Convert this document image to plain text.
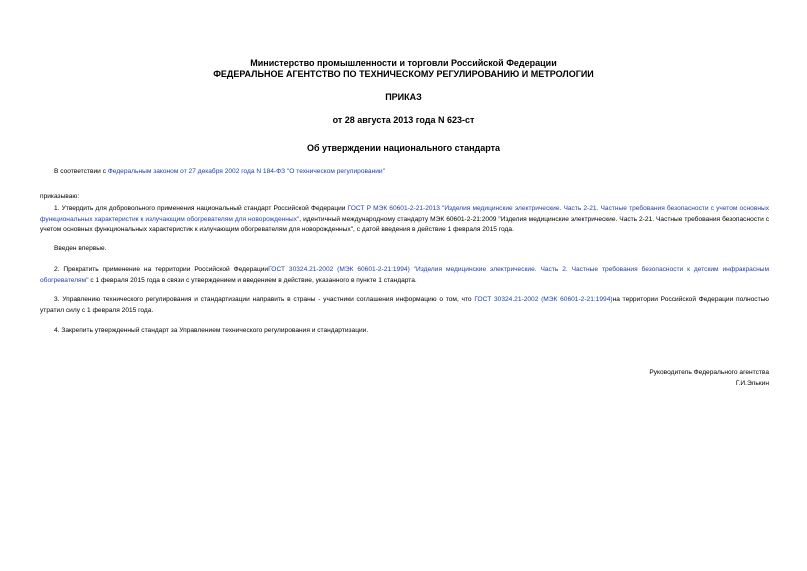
Министерство промышленности и торговли Российской Федерации
ФЕДЕРАЛЬНОЕ АГЕНТСТВО ПО ТЕХНИЧЕСКОМУ РЕГУЛИРОВАНИЮ И МЕТРОЛОГИИ
ПРИКАЗ
от 28 августа 2013 года N 623-ст
Об утверждении национального стандарта
В соответствии с Федеральным законом от 27 декабря 2002 года N 184-ФЗ "О техническом регулировании"
приказываю:
1. Утвердить для добровольного применения национальный стандарт Российской Федерации ГОСТ Р МЭК 60601-2-21-2013 "Изделия медицинские электрические. Часть 2-21. Частные требования безопасности с учетом основных функциональных характеристик к излучающим обогревателям для новорожденных", идентичный международному стандарту МЭК 60601-2-21:2009 "Изделия медицинские электрические. Часть 2-21. Частные требования безопасности с учетом основных функциональных характеристик к излучающим обогревателям для новорожденных", с датой введения в действие 1 февраля 2015 года.
Введен впервые.
2. Прекратить применение на территории Российской ФедерацииГОСТ 30324.21-2002 (МЭК 60601-2-21:1994) "Изделия медицинские электрические. Часть 2. Частные требования безопасности к детским инфракрасным обогревателям" с 1 февраля 2015 года в связи с утверждением и введением в действие, указанного в пункте 1 стандарта.
3. Управлению технического регулирования и стандартизации направить в страны - участники соглашения информацию о том, что ГОСТ 30324.21-2002 (МЭК 60601-2-21:1994)на территории Российской Федерации полностью утратил силу с 1 февраля 2015 года.
4. Закрепить утвержденный стандарт за Управлением технического регулирования и стандартизации.
Руководитель Федерального агентства
Г.И.Элькин
